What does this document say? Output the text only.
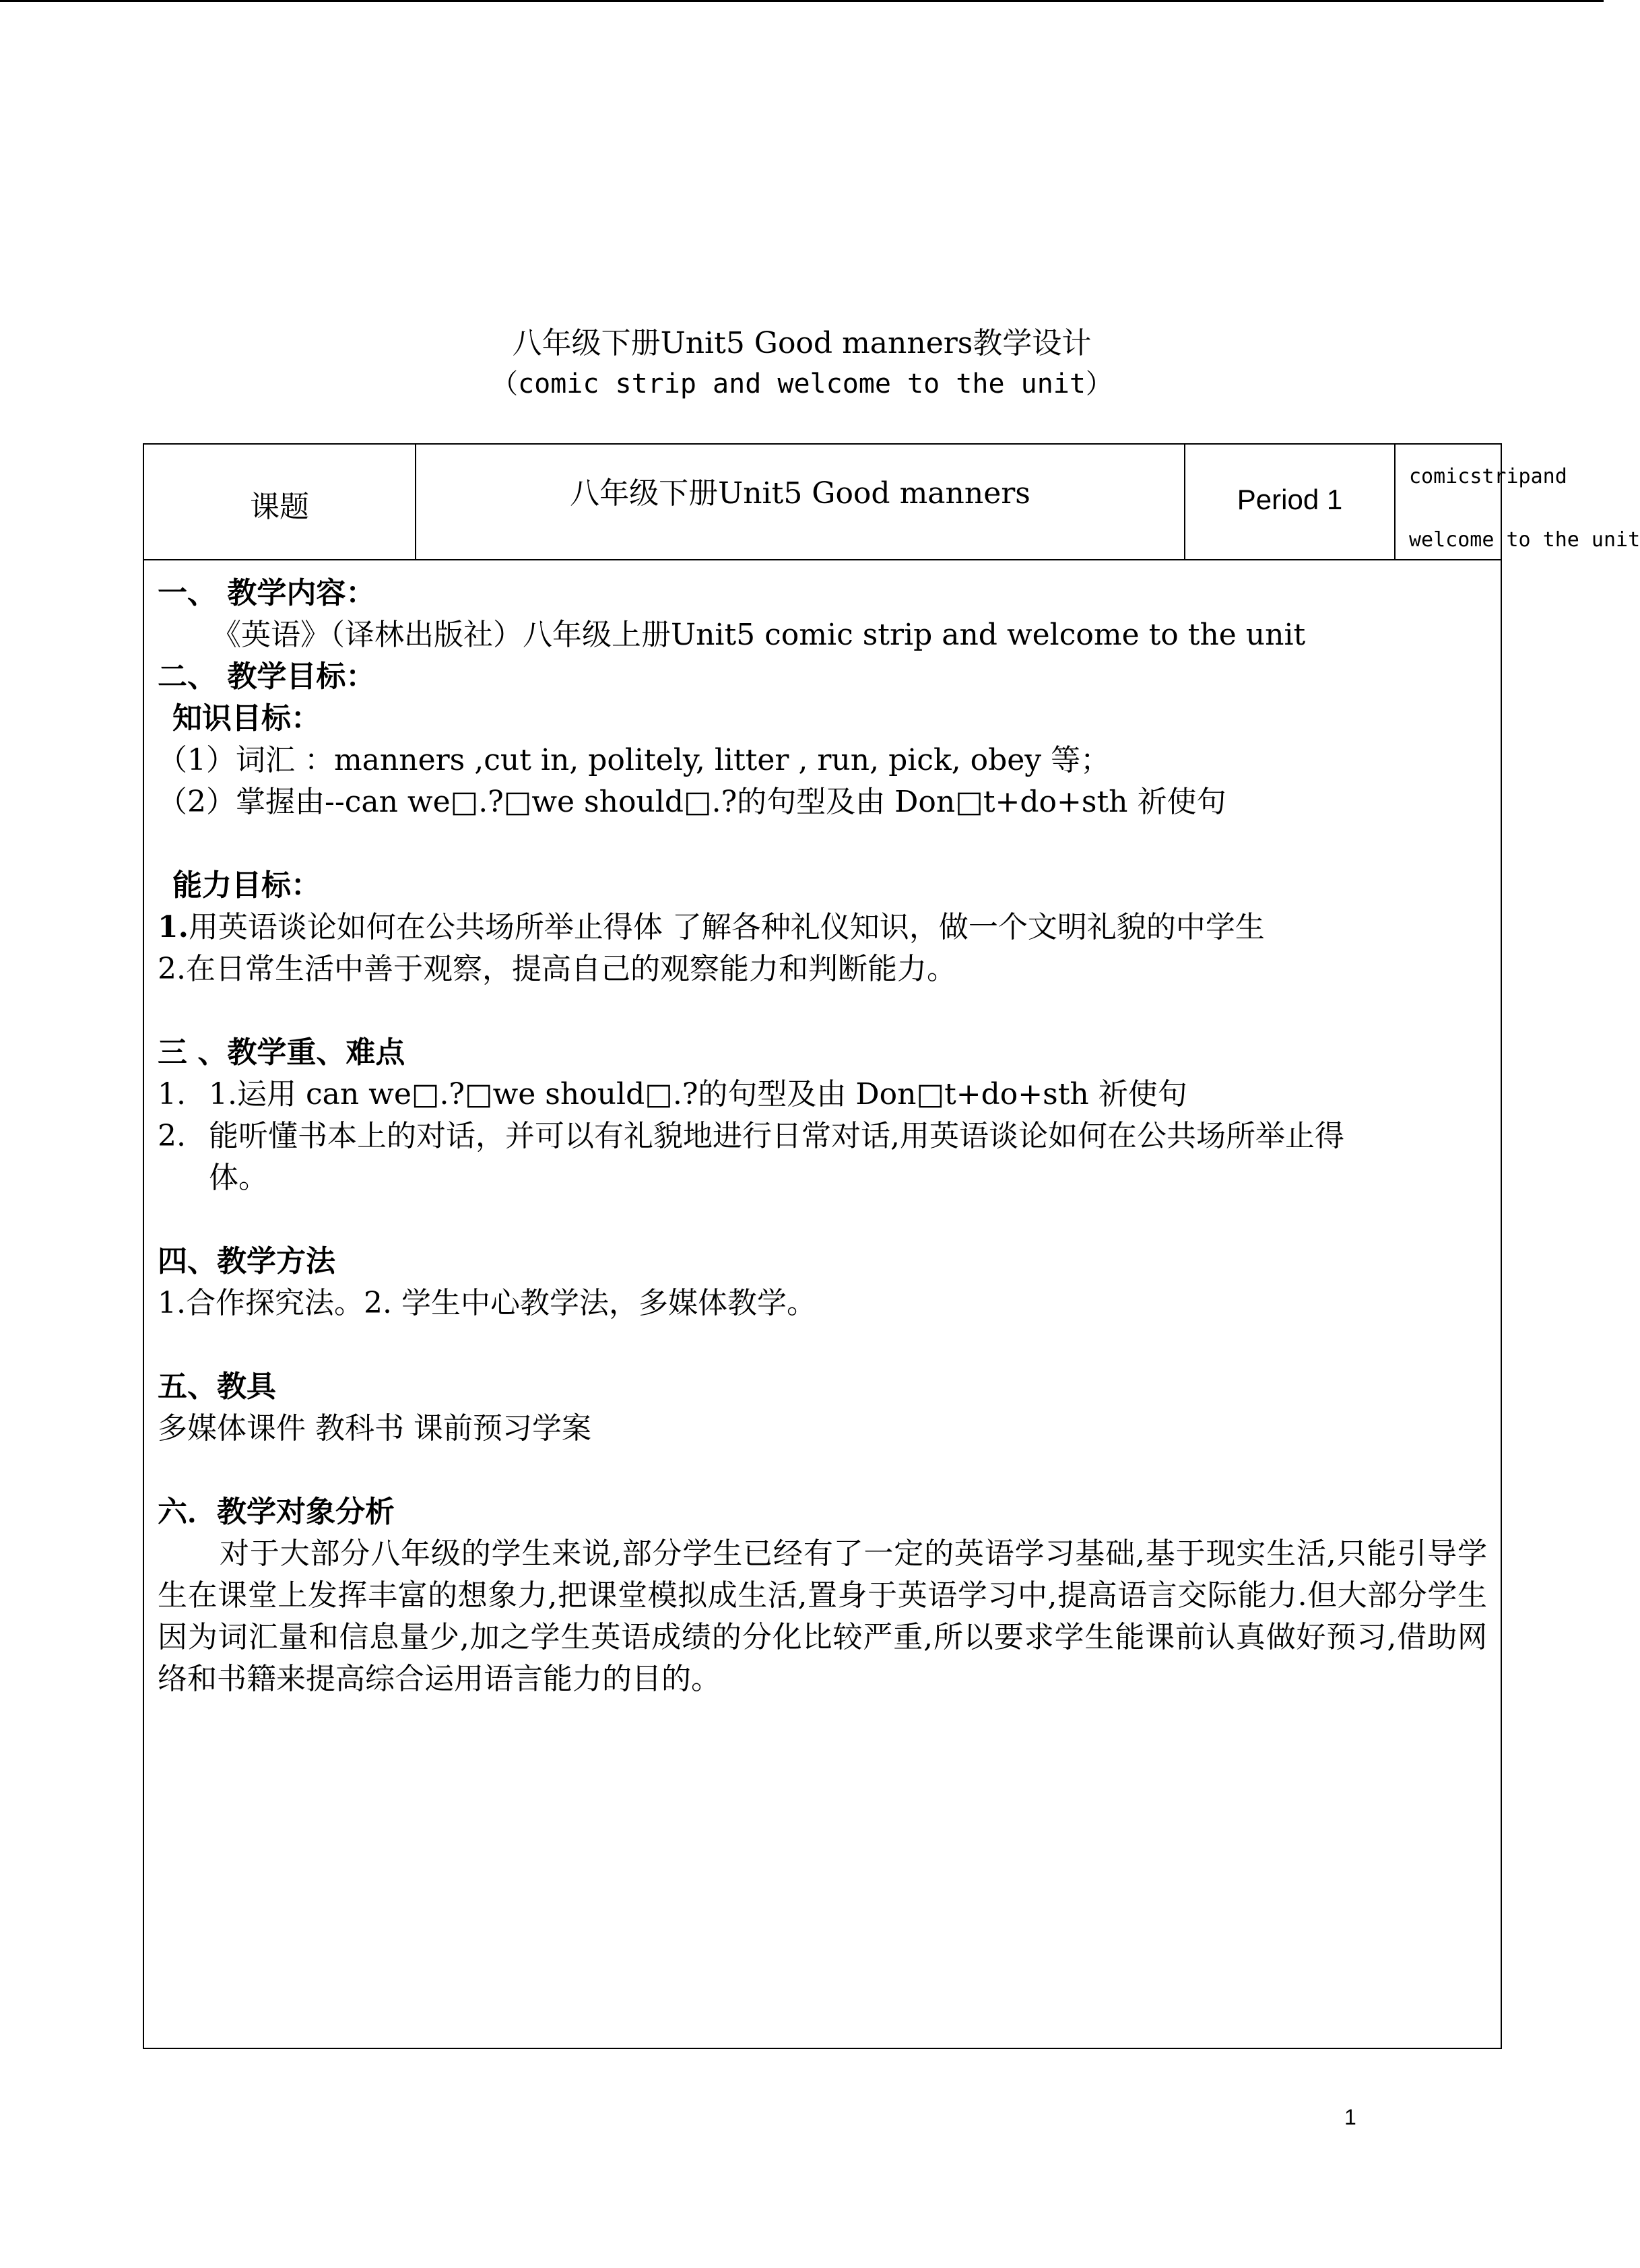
八年级下册Unit5 Good manners教学设计
（comic strip and welcome to the unit）
课题	八年级下册Unit5 Good manners	Period 1
comic strip and
welcome to the unit

一、 教学内容：

《英语》（译林出版社）八年级上册Unit5 comic strip and welcome to the unit

二、 教学目标：

知识目标：

（1）词汇 ：manners ,cut in, politely, litter , run, pick, obey 等；

（2）掌握由--can we□.?□we should□.?的句型及由 Don□t+do+sth 祈使句

能力目标：

1.用英语谈论如何在公共场所举止得体 了解各种礼仪知识，做一个文明礼貌的中学生

2.在日常生活中善于观察，提高自己的观察能力和判断能力。

三 、教学重、难点

1. 1.运用 can we□.?□we should□.?的句型及由 Don□t+do+sth 祈使句

2. 能听懂书本上的对话，并可以有礼貌地进行日常对话,用英语谈论如何在公共场所举止得

体。

四、教学方法

1.合作探究法。2. 学生中心教学法，多媒体教学。

五、教具

多媒体课件 教科书 课前预习学案

六．教学对象分析

对于大部分八年级的学生来说,部分学生已经有了一定的英语学习基础,基于现实生活,只能引导学生在课堂上发挥丰富的想象力,把课堂模拟成生活,置身于英语学习中,提高语言交际能力.但大部分学生因为词汇量和信息量少,加之学生英语成绩的分化比较严重,所以要求学生能课前认真做好预习,借助网络和书籍来提高综合运用语言能力的目的。

1
